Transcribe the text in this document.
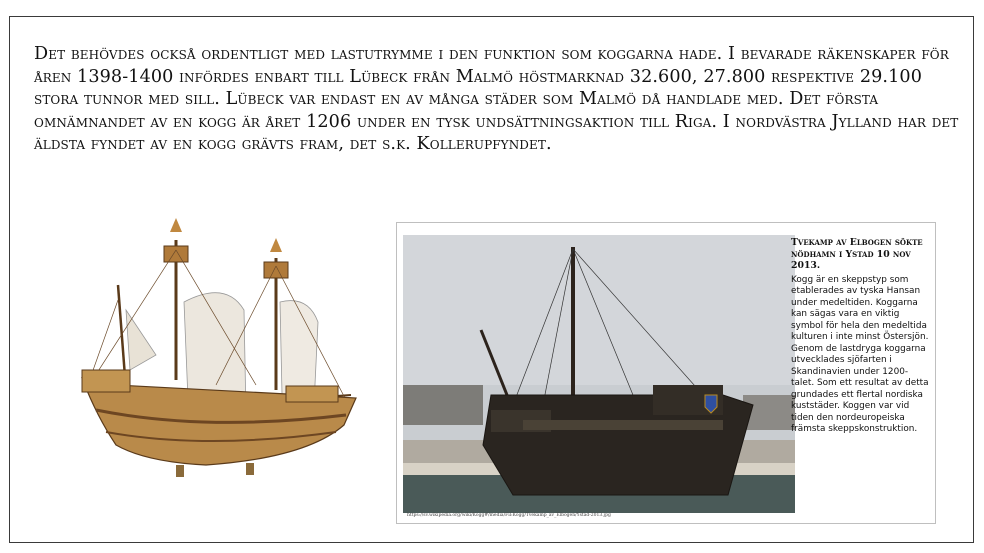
Det behövdes också ordentligt med lastutrymme i den funktion som koggarna hade. I bevarade räkenskaper för åren 1398-1400 infördes enbart till Lübeck från Malmö höstmarknad 32.600, 27.800 respektive 29.100 stora tunnor med sill. Lübeck var endast en av många städer som Malmö då handlade med. Det första omnämnandet av en kogg är året 1206 under en tysk undsättningsaktion till Riga. I nordvästra Jylland har det äldsta fyndet av en kogg grävts fram, det s.k. Kollerupfyndet.

https://sv.wikipedia.org/wiki/Kogg#/media/Fil:Kogg/Tvekamp_av_Elbogen/Ystad-2013.jpg

Tvekamp av Elbogen sökte nödhamn i Ystad 10 nov 2013.

Kogg är en skeppstyp som etablerades av tyska Hansan under medeltiden. Koggarna kan sägas vara en viktig symbol för hela den medeltida kulturen i inte minst Östersjön. Genom de lastdryga koggarna utvecklades sjöfarten i Skandinavien under 1200-talet. Som ett resultat av detta grundades ett flertal nordiska kuststäder. Koggen var vid tiden den nordeuropeiska främsta skeppskonstruktion.
